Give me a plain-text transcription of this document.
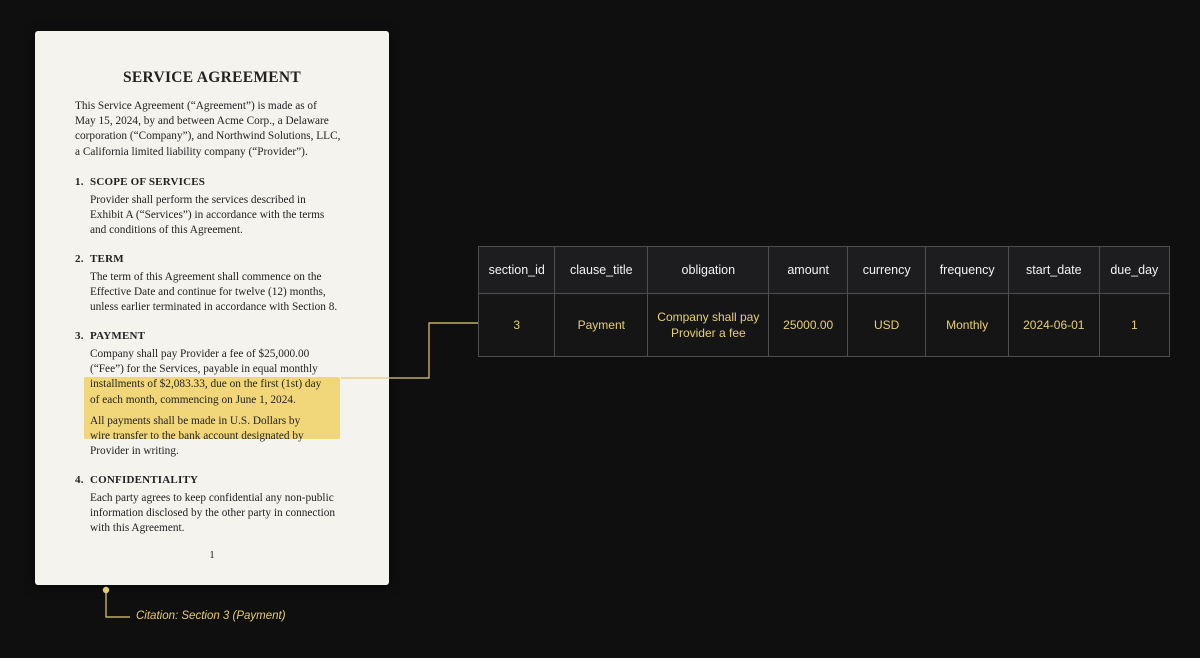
SERVICE AGREEMENT

This Service Agreement (“Agreement”) is made as of
May 15, 2024, by and between Acme Corp., a Delaware
corporation (“Company”), and Northwind Solutions, LLC,
a California limited liability company (“Provider”).

1. SCOPE OF SERVICES

Provider shall perform the services described in
Exhibit A (“Services”) in accordance with the terms
and conditions of this Agreement.

2. TERM

The term of this Agreement shall commence on the
Effective Date and continue for twelve (12) months,
unless earlier terminated in accordance with Section 8.

3. PAYMENT

Company shall pay Provider a fee of $25,000.00
(“Fee”) for the Services, payable in equal monthly
installments of $2,083.33, due on the first (1st) day
of each month, commencing on June 1, 2024.

All payments shall be made in U.S. Dollars by
wire transfer to the bank account designated by
Provider in writing.

4. CONFIDENTIALITY

Each party agrees to keep confidential any non-public
information disclosed by the other party in connection
with this Agreement.

1
Citation: Section 3 (Payment)
section_id	clause_title	obligation	amount	currency	frequency	start_date	due_day
3	Payment	Company shall pay Provider a fee	25000.00	USD	Monthly	2024-06-01	1
